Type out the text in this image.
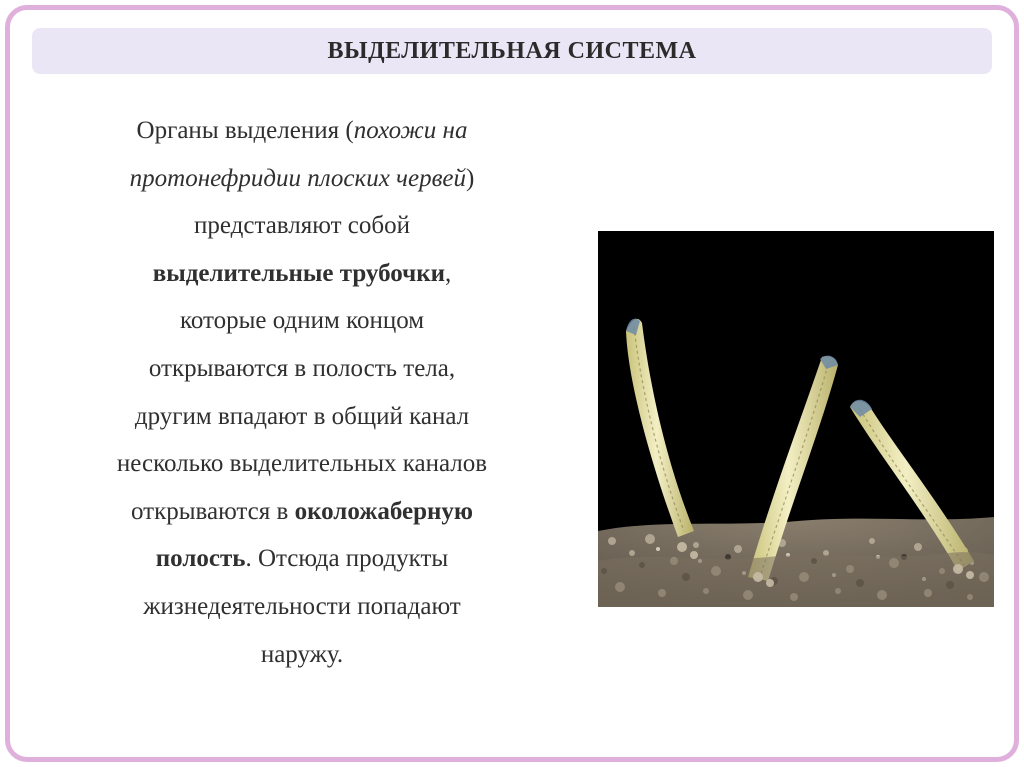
ВЫДЕЛИТЕЛЬНАЯ СИСТЕМА
Органы выделения (похожи на
протонефридии плоских червей)
представляют собой
выделительные трубочки,
которые одним концом
открываются в полость тела,
другим впадают в общий канал
несколько выделительных каналов
открываются в околожаберную
полость. Отсюда продукты
жизнедеятельности попадают
наружу.
